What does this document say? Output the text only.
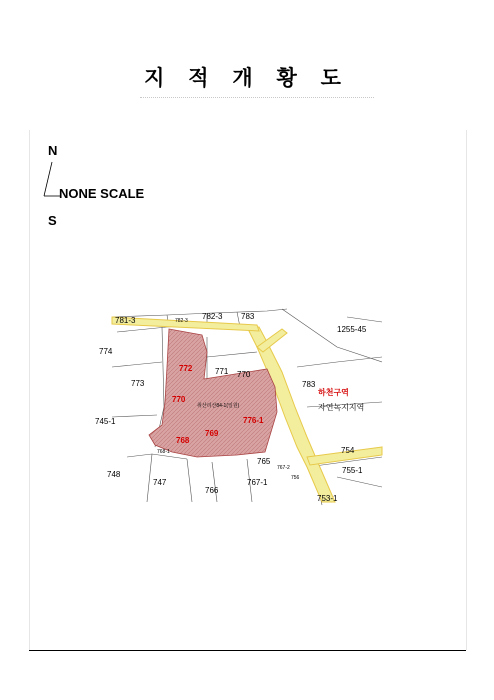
지 적 개 황 도
N
NONE SCALE
S
781-3	782-3 782-3 783
1255-45
774
773
772	771 770
783
하천구역
자연녹지지역
770
745-1
취산리산84-1(일원)
776-1
769
768
768-1
765
754
767-2	755-1
756
748
747
766
767-1
753-1
